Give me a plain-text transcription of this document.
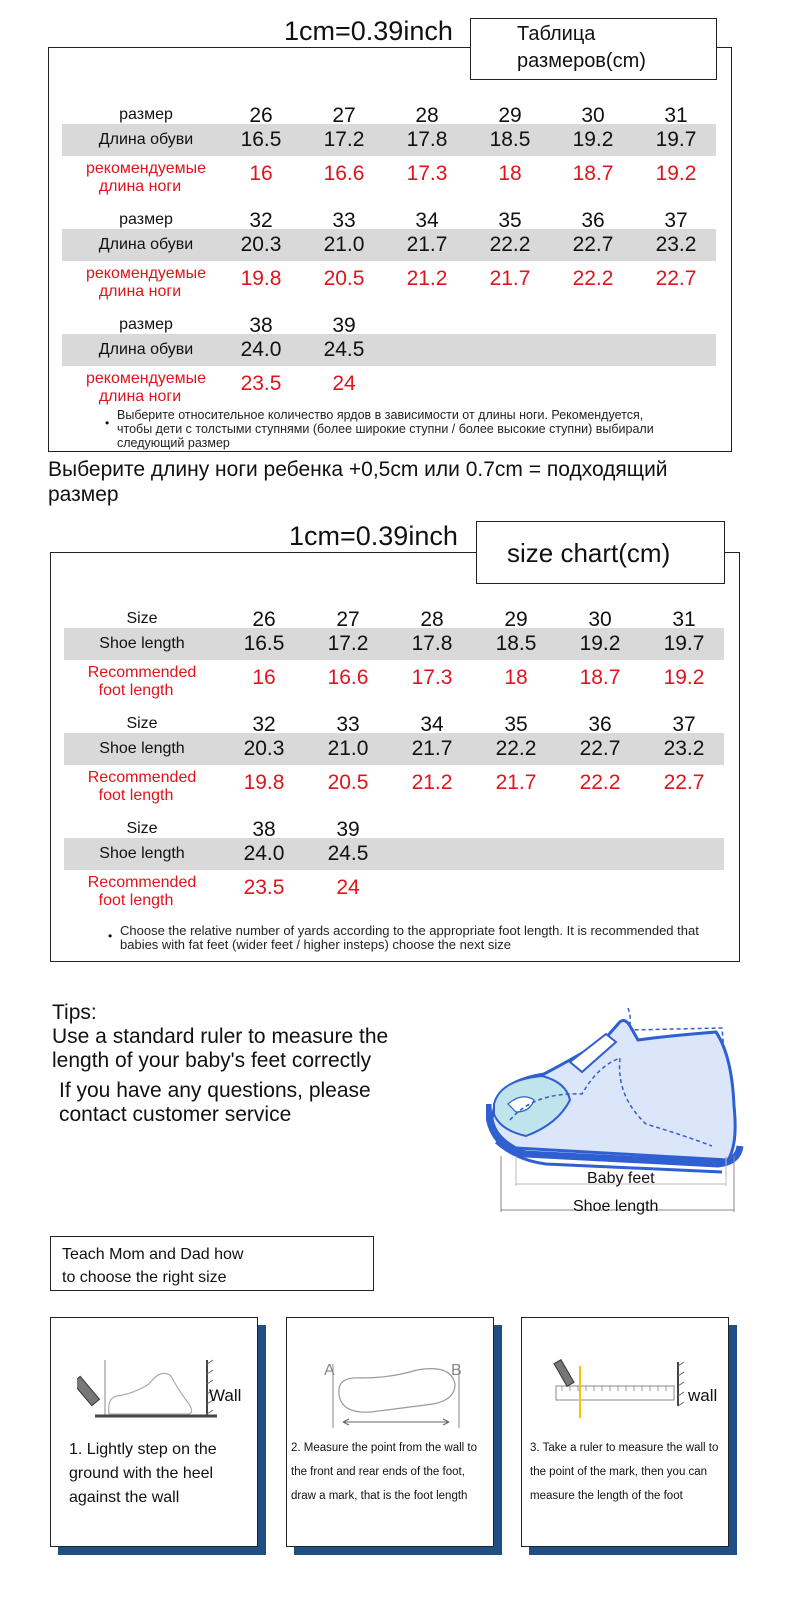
1cm=0.39inch	Таблица
размеров(cm)
размер
Длина обуви
рекомендуемые
длина ноги
26
16.5
16
27
17.2
16.6
28
17.8
17.3
29
18.5
18
30
19.2
18.7
31
19.7
19.2
размер
Длина обуви
рекомендуемые
длина ноги
32
20.3
19.8
33
21.0
20.5
34
21.7
21.2
35
22.2
21.7
36
22.7
22.2
37
23.2
22.7
размер
Длина обуви
рекомендуемые
длина ноги
38
24.0
23.5
39
24.5
24
•
Выберите относительное количество ярдов в зависимости от длины ноги. Рекомендуется,
чтобы дети с толстыми ступнями (более широкие ступни / более высокие ступни) выбирали
следующий размер
Выберите длину ноги ребенка +0,5cm или 0.7cm = подходящий
размер
1cm=0.39inch
size chart(cm)
Size
Shoe length
Recommended
foot length
26
16.5
16
27
17.2
16.6
28
17.8
17.3
29
18.5
18
30
19.2
18.7
31
19.7
19.2
Size
Shoe length
Recommended
foot length
32
20.3
19.8
33
21.0
20.5
34
21.7
21.2
35
22.2
21.7
36
22.7
22.2
37
23.2
22.7
Size
Shoe length
Recommended
foot length
38
24.0
23.5
39
24.5
24
• Choose the relative number of yards according to the appropriate foot length. It is recommended that
babies with fat feet (wider feet / higher insteps) choose the next size
Tips:
Use a standard ruler to measure the
length of your baby's feet correctly
If you have any questions, please
contact customer service
Baby feet
Shoe length
Teach Mom and Dad how
to choose the right size
Wall
1. Lightly step on the
ground with the heel
against the wall
A	B
2. Measure the point from the wall to
the front and rear ends of the foot,
draw a mark, that is the foot length
wall
3. Take a ruler to measure the wall to
the point of the mark, then you can
measure the length of the foot
